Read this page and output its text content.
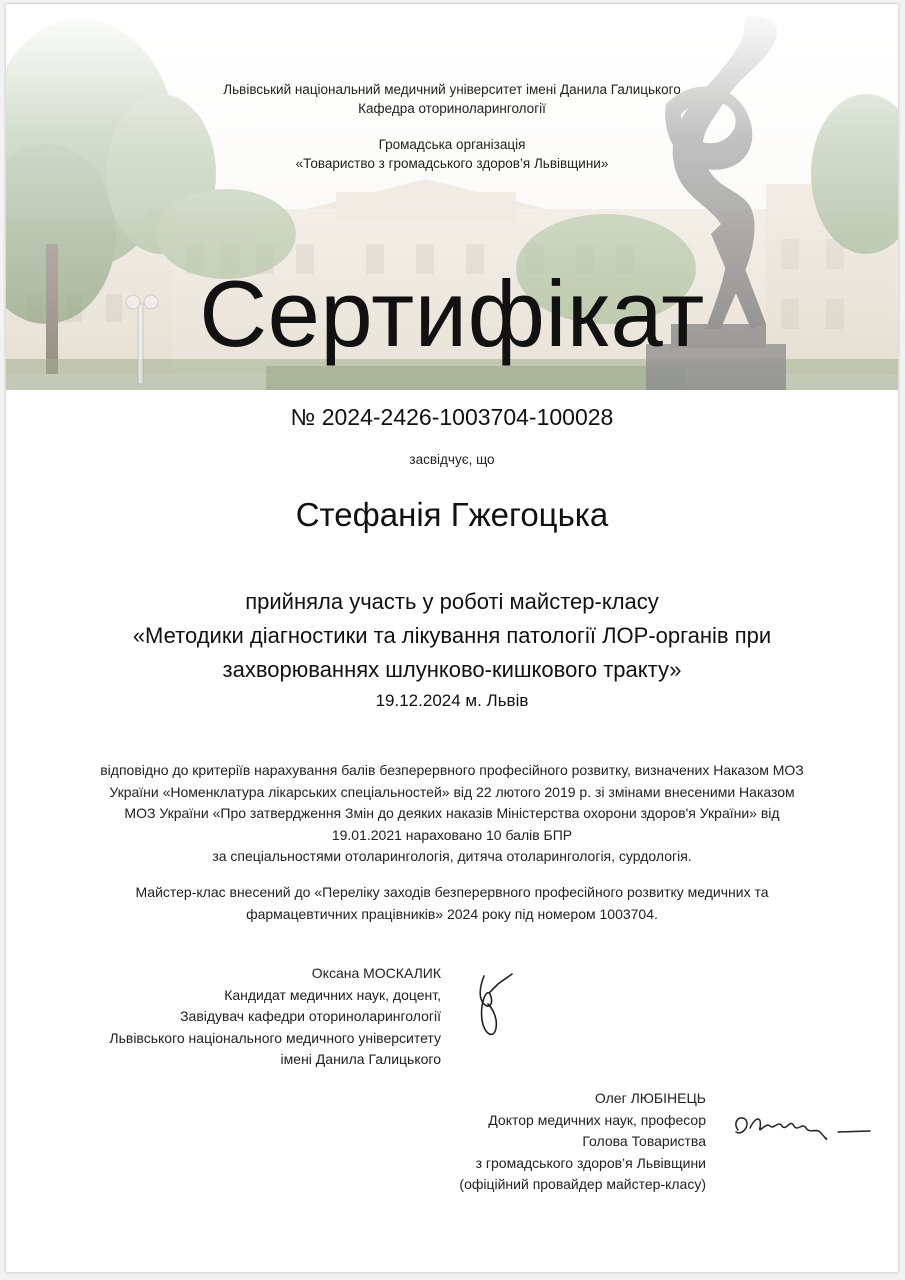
Львівський національний медичний університет імені Данила Галицького
Кафедра оториноларингології
Громадська організація
«Товариство з громадського здоров’я Львівщини»
Сертифікат
№ 2024-2426-1003704-100028
засвідчує, що
Стефанія Гжегоцька
прийняла участь у роботі майстер-класу
«Методики діагностики та лікування патології ЛОР-органів при
захворюваннях шлунково-кишкового тракту»
19.12.2024 м. Львів
відповідно до критеріїв нарахування балів безперервного професійного розвитку, визначених Наказом МОЗ
України «Номенклатура лікарських спеціальностей» від 22 лютого 2019 р. зі змінами внесеними Наказом
МОЗ України «Про затвердження Змін до деяких наказів Міністерства охорони здоров'я України» від
19.01.2021 нараховано 10 балів БПР
за спеціальностями отоларингологія, дитяча отоларингологія, сурдологія.
Майстер-клас внесений до «Переліку заходів безперервного професійного розвитку медичних та
фармацевтичних працівників» 2024 року під номером 1003704.
Оксана МОСКАЛИК
Кандидат медичних наук, доцент,
Завідувач кафедри оториноларингології
Львівського національного медичного університету
імені Данила Галицького
Олег ЛЮБІНЕЦЬ
Доктор медичних наук, професор
Голова Товариства
з громадського здоров’я Львівщини
(офіційний провайдер майстер-класу)
